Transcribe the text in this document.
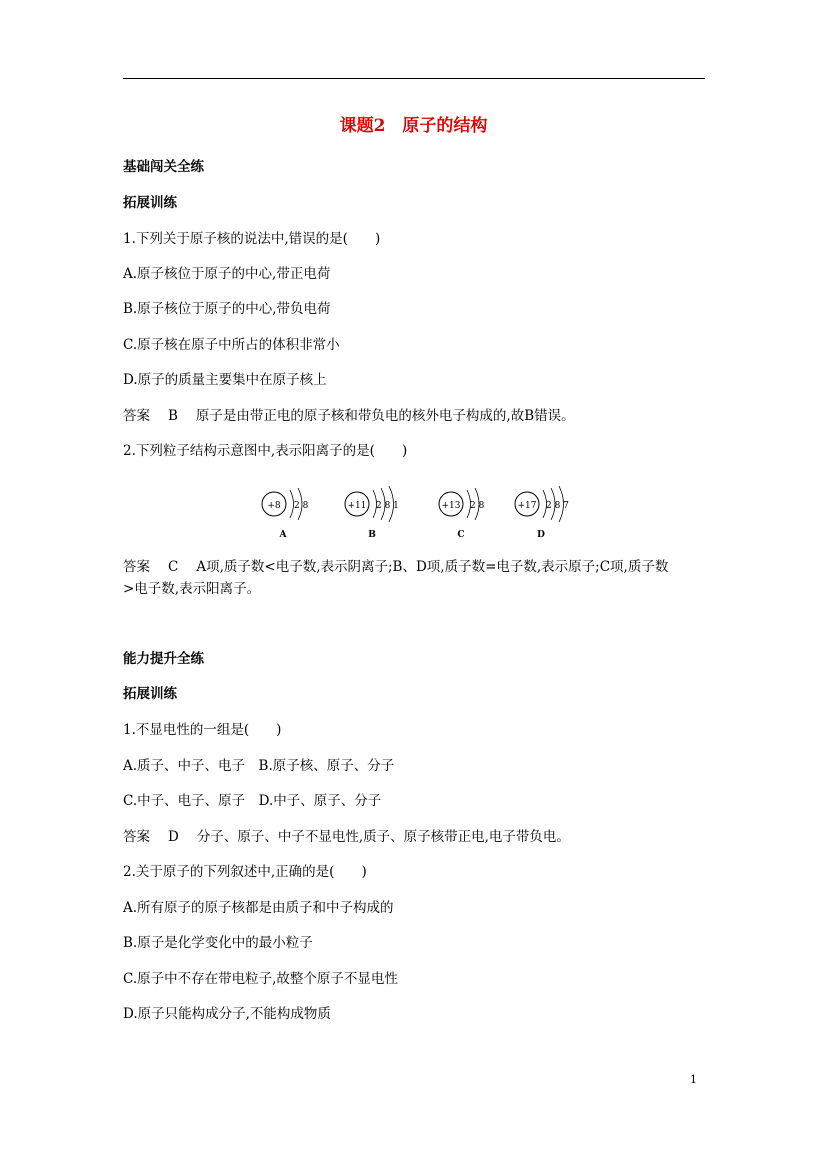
课题2　原子的结构
基础闯关全练
拓展训练
1.下列关于原子核的说法中,错误的是(　　)
A.原子核位于原子的中心,带正电荷
B.原子核位于原子的中心,带负电荷
C.原子核在原子中所占的体积非常小
D.原子的质量主要集中在原子核上
答案 B 原子是由带正电的原子核和带负电的核外电子构成的,故B错误。
2.下列粒子结构示意图中,表示阳离子的是(　　)
+8 2 8
A
+11 2 8 1
B
+13 2 8
C
+17 2 8 7
D
答案 C A项,质子数<电子数,表示阴离子;B、D项,质子数=电子数,表示原子;C项,质子数
>电子数,表示阳离子。
能力提升全练
拓展训练
1.不显电性的一组是(　　)
A.质子、中子、电子　B.原子核、原子、分子
C.中子、电子、原子　D.中子、原子、分子
答案 D 分子、原子、中子不显电性,质子、原子核带正电,电子带负电。
2.关于原子的下列叙述中,正确的是(　　)
A.所有原子的原子核都是由质子和中子构成的
B.原子是化学变化中的最小粒子
C.原子中不存在带电粒子,故整个原子不显电性
D.原子只能构成分子,不能构成物质
1
